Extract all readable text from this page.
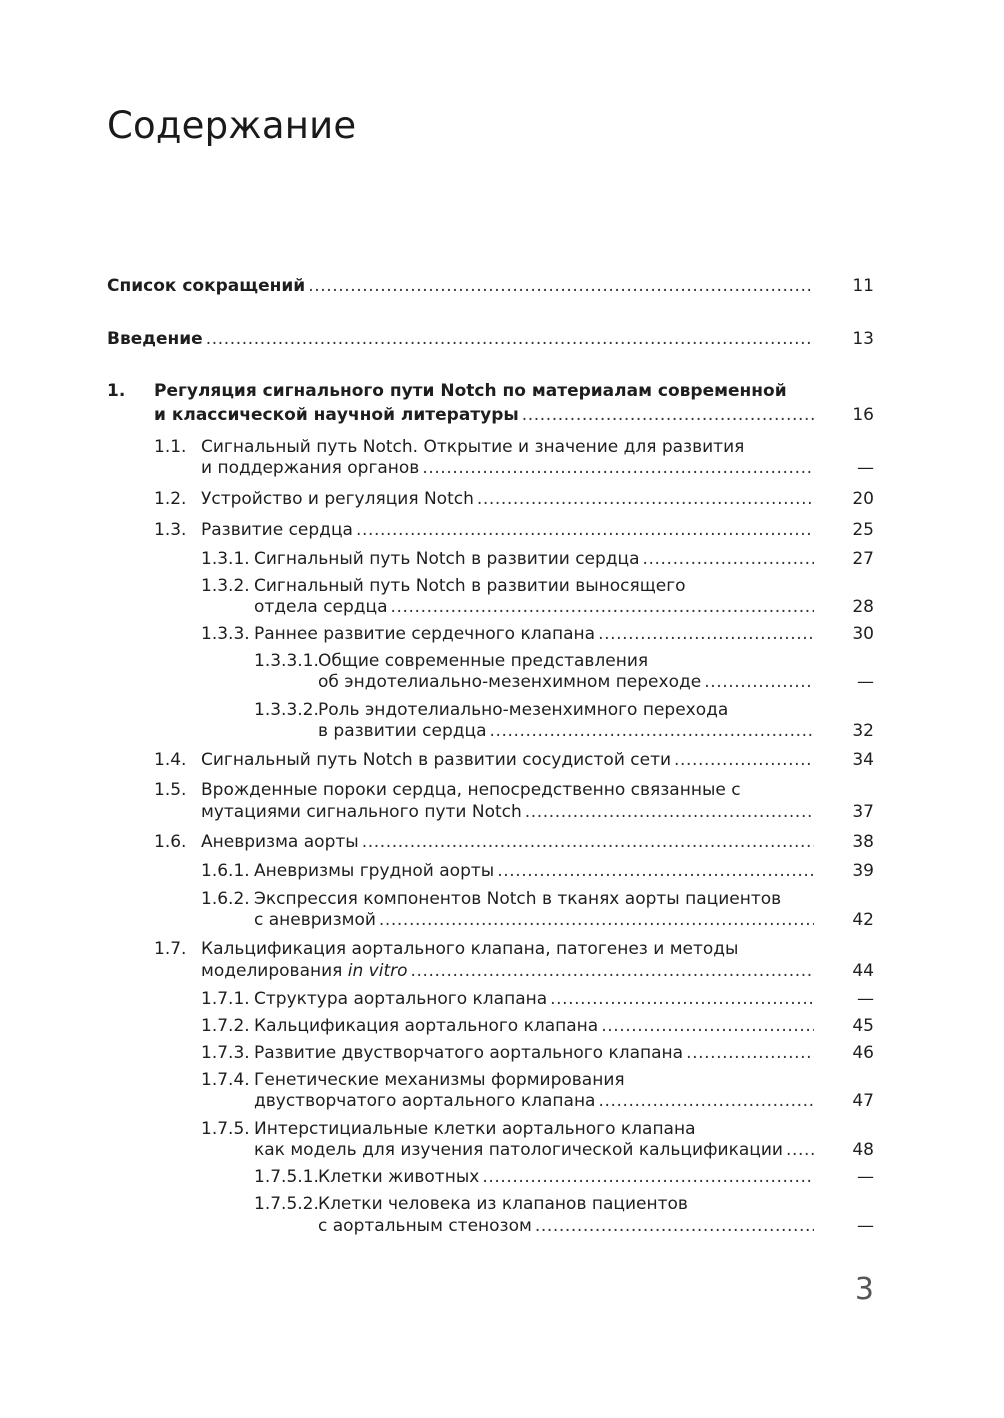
Содержание
Список сокращений .....	11
Введение .....	13
1. Регуляция сигнального пути Notch по материалам современной
и классической научной литературы .....	16
1.1. Сигнальный путь Notch. Открытие и значение для развития
и поддержания органов .....	—
1.2. Устройство и регуляция Notch .....	20
1.3. Развитие сердца .....	25
1.3.1. Сигнальный путь Notch в развитии сердца .....	27
1.3.2. Сигнальный путь Notch в развитии выносящего
отдела сердца .....	28
1.3.3. Раннее развитие сердечного клапана .....	30
1.3.3.1. Общие современные представления
об эндотелиально-мезенхимном переходе .....	—
1.3.3.2. Роль эндотелиально-мезенхимного перехода
в развитии сердца .....	32
1.4. Сигнальный путь Notch в развитии сосудистой сети .....	34
1.5. Врожденные пороки сердца, непосредственно связанные с
мутациями сигнального пути Notch .....	37
1.6. Аневризма аорты .....	38
1.6.1. Аневризмы грудной аорты .....	39
1.6.2. Экспрессия компонентов Notch в тканях аорты пациентов
с аневризмой .....	42
1.7. Кальцификация аортального клапана, патогенез и методы
моделирования in vitro .....	44
1.7.1. Структура аортального клапана .....	—
1.7.2. Кальцификация аортального клапана .....	45
1.7.3. Развитие двустворчатого аортального клапана .....	46
1.7.4. Генетические механизмы формирования
двустворчатого аортального клапана .....	47
1.7.5. Интерстициальные клетки аортального клапана
как модель для изучения патологической кальцификации .....	48
1.7.5.1. Клетки животных .....	—
1.7.5.2. Клетки человека из клапанов пациентов
с аортальным стенозом .....	—
3
